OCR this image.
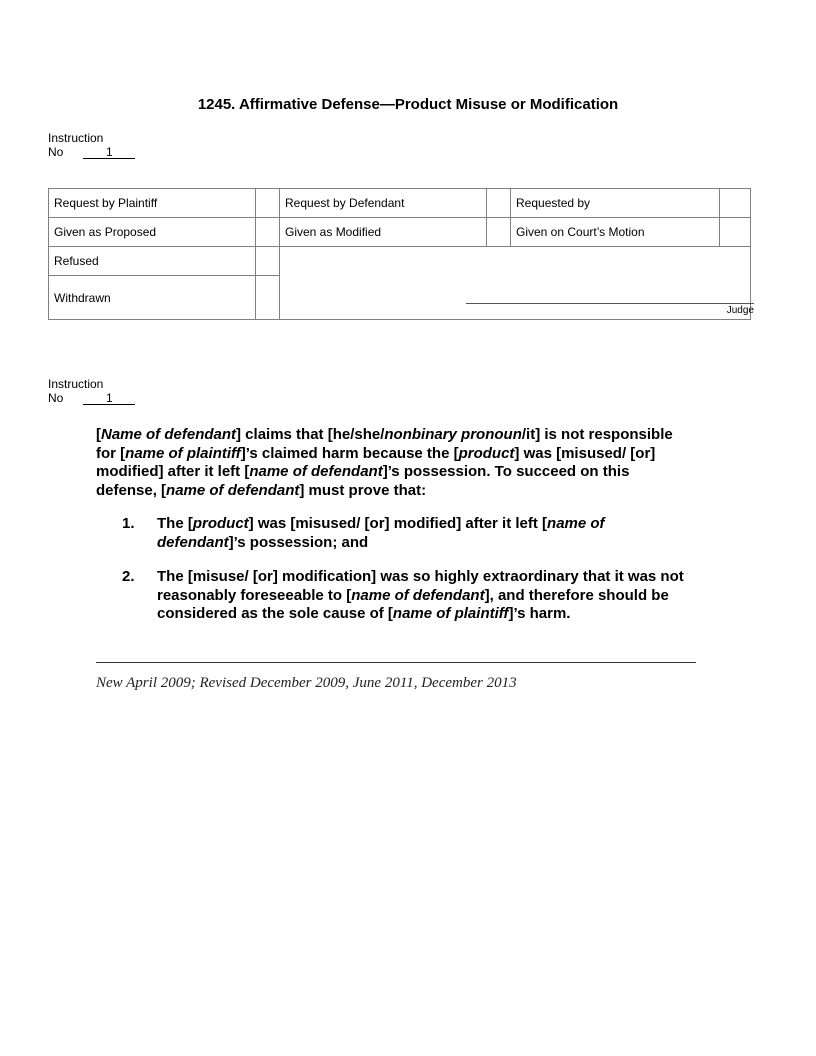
1245. Affirmative Defense—Product Misuse or Modification
Instruction
No	1
Request by Plaintiff		Request by Defendant		Requested by	
Given as Proposed		Given as Modified		Given on Court’s Motion	
Refused					
Withdrawn					
Judge
Instruction
No	1
[Name of defendant] claims that [he/she/nonbinary pronoun/it] is not responsible
for [name of plaintiff]’s claimed harm because the [product] was [misused/ [or]
modified] after it left [name of defendant]’s possession. To succeed on this
defense, [name of defendant] must prove that:
1. The [product] was [misused/ [or] modified] after it left [name of
defendant]’s possession; and
2. The [misuse/ [or] modification] was so highly extraordinary that it was not
reasonably foreseeable to [name of defendant], and therefore should be
considered as the sole cause of [name of plaintiff]’s harm.
New April 2009; Revised December 2009, June 2011, December 2013
